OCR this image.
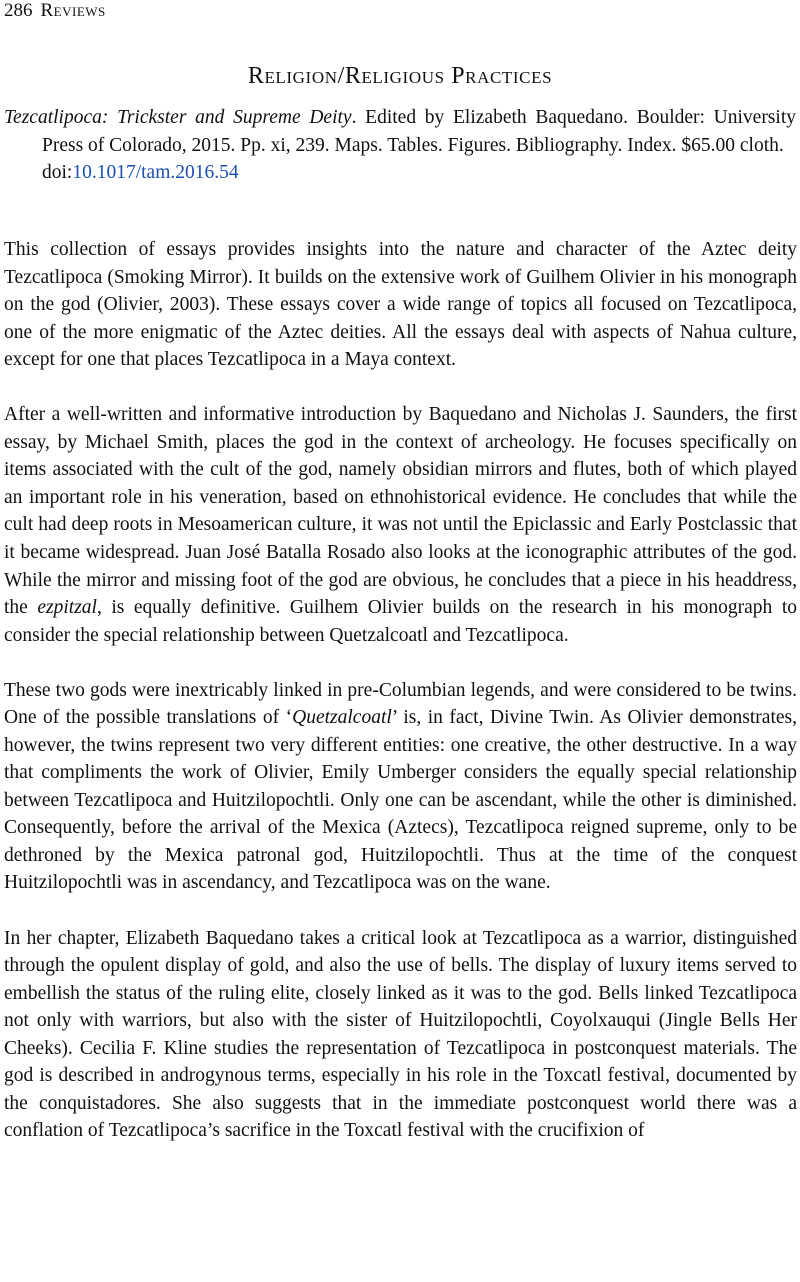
286 Reviews
Religion/Religious Practices
Tezcatlipoca: Trickster and Supreme Deity. Edited by Elizabeth Baquedano. Boulder: University Press of Colorado, 2015. Pp. xi, 239. Maps. Tables. Figures. Bibliography. Index. $65.00 cloth.
doi:10.1017/tam.2016.54

This collection of essays provides insights into the nature and character of the Aztec deity Tezcatlipoca (Smoking Mirror). It builds on the extensive work of Guilhem Olivier in his monograph on the god (Olivier, 2003). These essays cover a wide range of topics all focused on Tezcatlipoca, one of the more enigmatic of the Aztec deities. All the essays deal with aspects of Nahua culture, except for one that places Tezcatlipoca in a Maya context.

After a well-written and informative introduction by Baquedano and Nicholas J. Saunders, the first essay, by Michael Smith, places the god in the context of archeology. He focuses specifically on items associated with the cult of the god, namely obsidian mirrors and flutes, both of which played an important role in his veneration, based on ethnohistorical evidence. He concludes that while the cult had deep roots in Mesoamerican culture, it was not until the Epiclassic and Early Postclassic that it became widespread. Juan José Batalla Rosado also looks at the iconographic attributes of the god. While the mirror and missing foot of the god are obvious, he concludes that a piece in his headdress, the ezpitzal, is equally definitive. Guilhem Olivier builds on the research in his monograph to consider the special relationship between Quetzalcoatl and Tezcatlipoca.

These two gods were inextricably linked in pre-Columbian legends, and were considered to be twins. One of the possible translations of ‘Quetzalcoatl’ is, in fact, Divine Twin. As Olivier demonstrates, however, the twins represent two very different entities: one creative, the other destructive. In a way that compliments the work of Olivier, Emily Umberger considers the equally special relationship between Tezcatlipoca and Huitzilopochtli. Only one can be ascendant, while the other is diminished. Consequently, before the arrival of the Mexica (Aztecs), Tezcatlipoca reigned supreme, only to be dethroned by the Mexica patronal god, Huitzilopochtli. Thus at the time of the conquest Huitzilopochtli was in ascendancy, and Tezcatlipoca was on the wane.

In her chapter, Elizabeth Baquedano takes a critical look at Tezcatlipoca as a warrior, distinguished through the opulent display of gold, and also the use of bells. The display of luxury items served to embellish the status of the ruling elite, closely linked as it was to the god. Bells linked Tezcatlipoca not only with warriors, but also with the sister of Huitzilopochtli, Coyolxauqui (Jingle Bells Her Cheeks). Cecilia F. Kline studies the representation of Tezcatlipoca in postconquest materials. The god is described in androgynous terms, especially in his role in the Toxcatl festival, documented by the conquistadores. She also suggests that in the immediate postconquest world there was a conflation of Tezcatlipoca’s sacrifice in the Toxcatl festival with the crucifixion of
